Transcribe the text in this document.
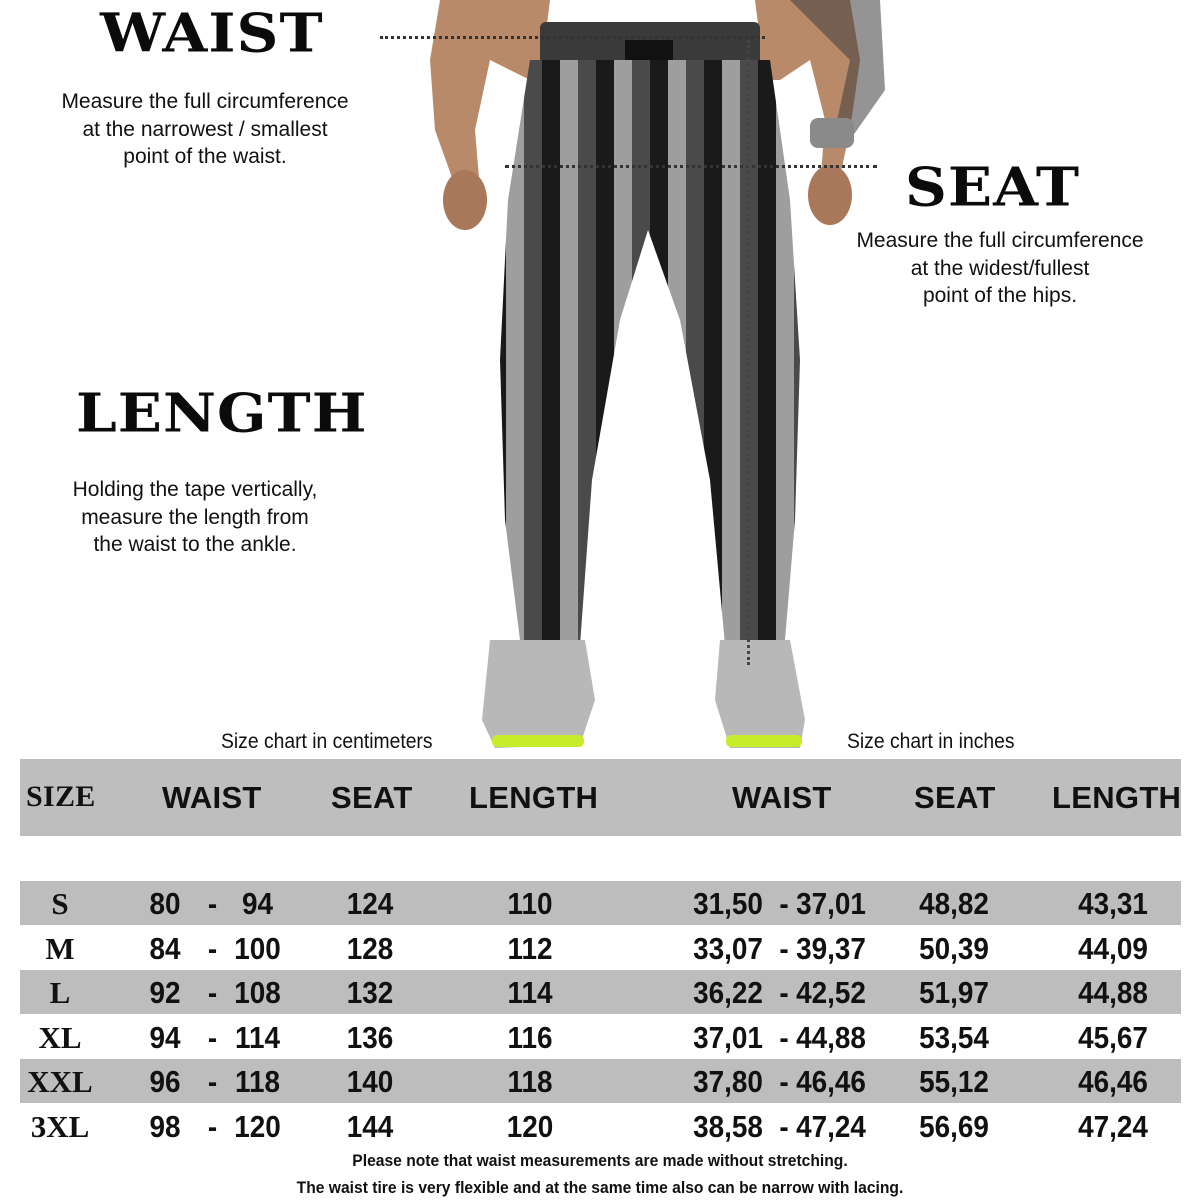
WAIST
Measure the full circumference
at the narrowest / smallest
point of the waist.	SEAT
Measure the full circumference
at the widest/fullest
point of the hips.
LENGTH
Holding the tape vertically,
measure the length from
the waist to the ankle.
Size chart in centimeters	Size chart in inches
SIZE WAIST SEAT LENGTH	WAIST	SEAT LENGTH
S	80 - 94	124	110	31,50 - 37,01 48,82	43,31
M	84 - 100	128	112	33,07 - 39,37 50,39	44,09
L	92 - 108	132	114	36,22 - 42,52 51,97	44,88
XL	94 - 114	136	116	37,01 - 44,88 53,54	45,67
XXL	96 - 118	140	118	37,80 - 46,46 55,12	46,46
3XL	98 - 120	144	120	38,58 - 47,24 56,69	47,24
Please note that waist measurements are made without stretching.
The waist tire is very flexible and at the same time also can be narrow with lacing.
